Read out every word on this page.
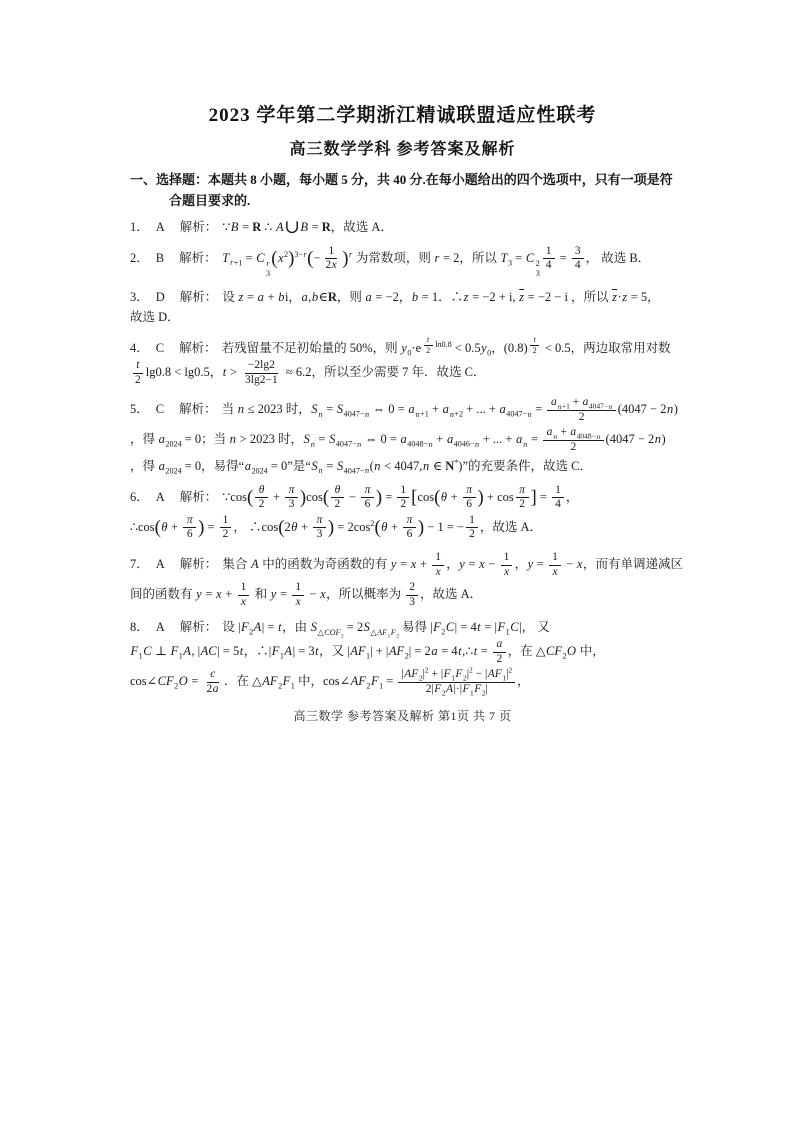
2023 学年第二学期浙江精诚联盟适应性联考
高三数学学科 参考答案及解析

一、选择题：本题共 8 小题，每小题 5 分，共 40 分.在每小题给出的四个选项中，只有一项是符合题目要求的.

1． A 解析： ∵B = R ∴ A∪B = R，故选 A．
2． B 解析： $T_{r+1} = C$ r
3
$(x^2)^{3-r}(- \frac{1}{2x} )^r$ 为常数项，则 r = 2，所以 $T_3 = C$ 2
3
$\frac{1}{4} = \frac{3}{4}$ ， 故选 B．
3． D 解析： 设 z = a + bi，a,b∈R，则 a = −2，b = 1．∴z = −2 + i, $\overline{z} = -2 - i$ ，所以 $\overline{z}\cdot z = 5$，
故选 D．
4． C 解析： 若残留量不足初始量的 50%，则 $y_0\cdot e$ $^{\frac{t}{2} ln0.8} < 0.5y_0$，(0.8) $^{\frac{t}{2}}$ < 0.5，两边取常用对数
$\frac{t}{2} \lg 0.8 < \lg 0.5$，$t > \frac{-2\lg 2}{3\lg 2-1} \approx 6.2$，所以至少需要 7 年．故选 C．
5． C 解析： 当 n ≤ 2023 时，$S_n = S_{4047-n}$ ⇔ $0 = a_{n+1} + a_{n+2}$ + ... + $a_{4047-n} = \frac{a_{n+1} + a_{4047-n}}{2} (4047 - 2n)$
，得 $a_{2024} = 0$；当 n > 2023 时，$S_n = S_{4047-n}$ ⇔ $0 = a_{4048-n} + a_{4046-n}$ + ... + $a_n = \frac{a_n + a_{4048-n}}{2} (4047 - 2n)$
，得 $a_{2024} = 0$，易得“$a_{2024} = 0$”是“$S_n = S_{4047-n}(n < 4047,n$ ∈ N*)”的充要条件，故选 C．
6． A 解析： ∵cos( $\frac{\theta}{2} + \frac{\pi}{3} )\cos( \frac{\theta}{2} - \frac{\pi}{6}$ ) = $\frac{1}{2} [\cos(\theta + \frac{\pi}{6}$ ) + $\cos \frac{\pi}{2}$ ] = $\frac{1}{4}$ ，
∴cos(θ + $\frac{\pi}{6}$ ) = $\frac{1}{2}$ ， ∴cos(2θ + $\frac{\pi}{3}$ ) = $2\cos^2(\theta + \frac{\pi}{6}$ ) − 1 = − $\frac{1}{2}$ ，故选 A．
7． A 解析： 集合 A 中的函数为奇函数的有 $y = x + \frac{1}{x}$ ，$y = x - \frac{1}{x}$ ，$y = \frac{1}{x} - x$，而有单调递减区
间的函数有 $y = x + \frac{1}{x}$ 和 $y = \frac{1}{x} - x$，所以概率为 $\frac{2}{3}$ ，故选 A．
8． A 解析： 设 $|F_2A| = t$，由 $S_{\triangle COF_2} = 2S_{\triangle AF_1F_2}$ 易得 $|F_2C| = 4t = |F_1C|$， 又
$F_1C$ ⊥ $F_1A$, |AC| = 5t，$\therefore|F_1A| = 3t$，又 $|AF_1| + |AF_2| = 2a$ = 4t,∴t = $\frac{a}{2}$ ，在 $\triangle CF_2O$ 中，
$\cos\angle CF_2O = \frac{c}{2a}$ ．在 $\triangle AF_2F_1$ 中，$\cos\angle AF_2F_1 = \frac{|AF_2|^2 + |F_1F_2|^2 - |AF_1|^2}{2|F_2A|\cdot|F_1F_2|}$ ，
高三数学 参考答案及解析 第1页 共 7 页
